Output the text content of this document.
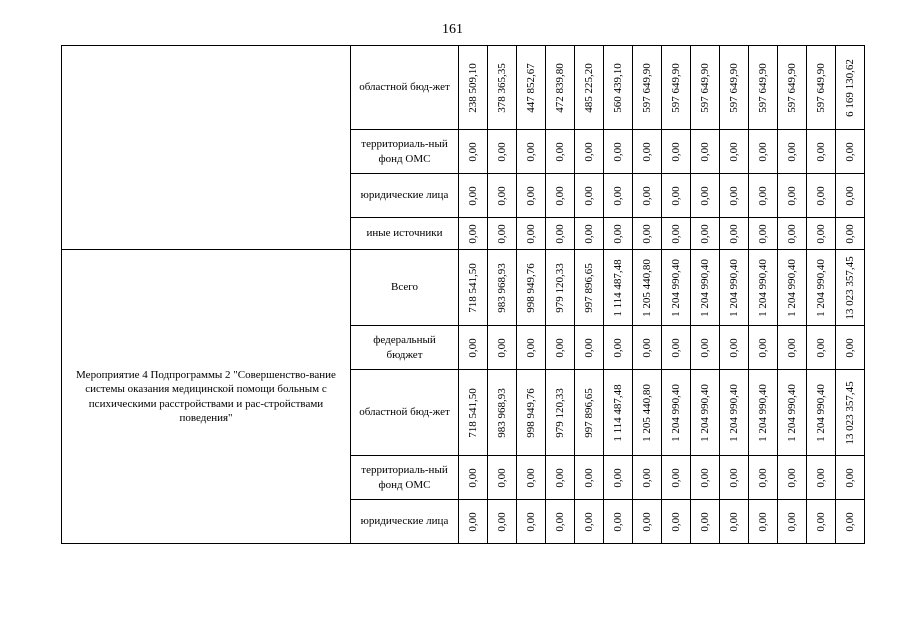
161
	областной бюд-жет	238 509,10	378 365,35	447 852,67	472 839,80	485 225,20	560 439,10	597 649,90	597 649,90	597 649,90	597 649,90	597 649,90	597 649,90	597 649,90	6 169 130,62

	территориаль-ный фонд ОМС	0,00	0,00	0,00	0,00	0,00	0,00	0,00	0,00	0,00	0,00	0,00	0,00	0,00	0,00

	юридические лица	0,00	0,00	0,00	0,00	0,00	0,00	0,00	0,00	0,00	0,00	0,00	0,00	0,00	0,00

	иные источники	0,00	0,00	0,00	0,00	0,00	0,00	0,00	0,00	0,00	0,00	0,00	0,00	0,00	0,00

Мероприятие 4 Подпрограммы 2 "Совершенство-вание системы оказания медицинской помощи больным с психическими расстройствами и рас-стройствами поведения"	Всего	718 541,50	983 968,93	998 949,76	979 120,33	997 896,65	1 114 487,48	1 205 440,80	1 204 990,40	1 204 990,40	1 204 990,40	1 204 990,40	1 204 990,40	1 204 990,40	13 023 357,45

	федеральный бюджет	0,00	0,00	0,00	0,00	0,00	0,00	0,00	0,00	0,00	0,00	0,00	0,00	0,00	0,00

	областной бюд-жет	718 541,50	983 968,93	998 949,76	979 120,33	997 896,65	1 114 487,48	1 205 440,80	1 204 990,40	1 204 990,40	1 204 990,40	1 204 990,40	1 204 990,40	1 204 990,40	13 023 357,45

	территориаль-ный фонд ОМС	0,00	0,00	0,00	0,00	0,00	0,00	0,00	0,00	0,00	0,00	0,00	0,00	0,00	0,00

	юридические лица	0,00	0,00	0,00	0,00	0,00	0,00	0,00	0,00	0,00	0,00	0,00	0,00	0,00	0,00
